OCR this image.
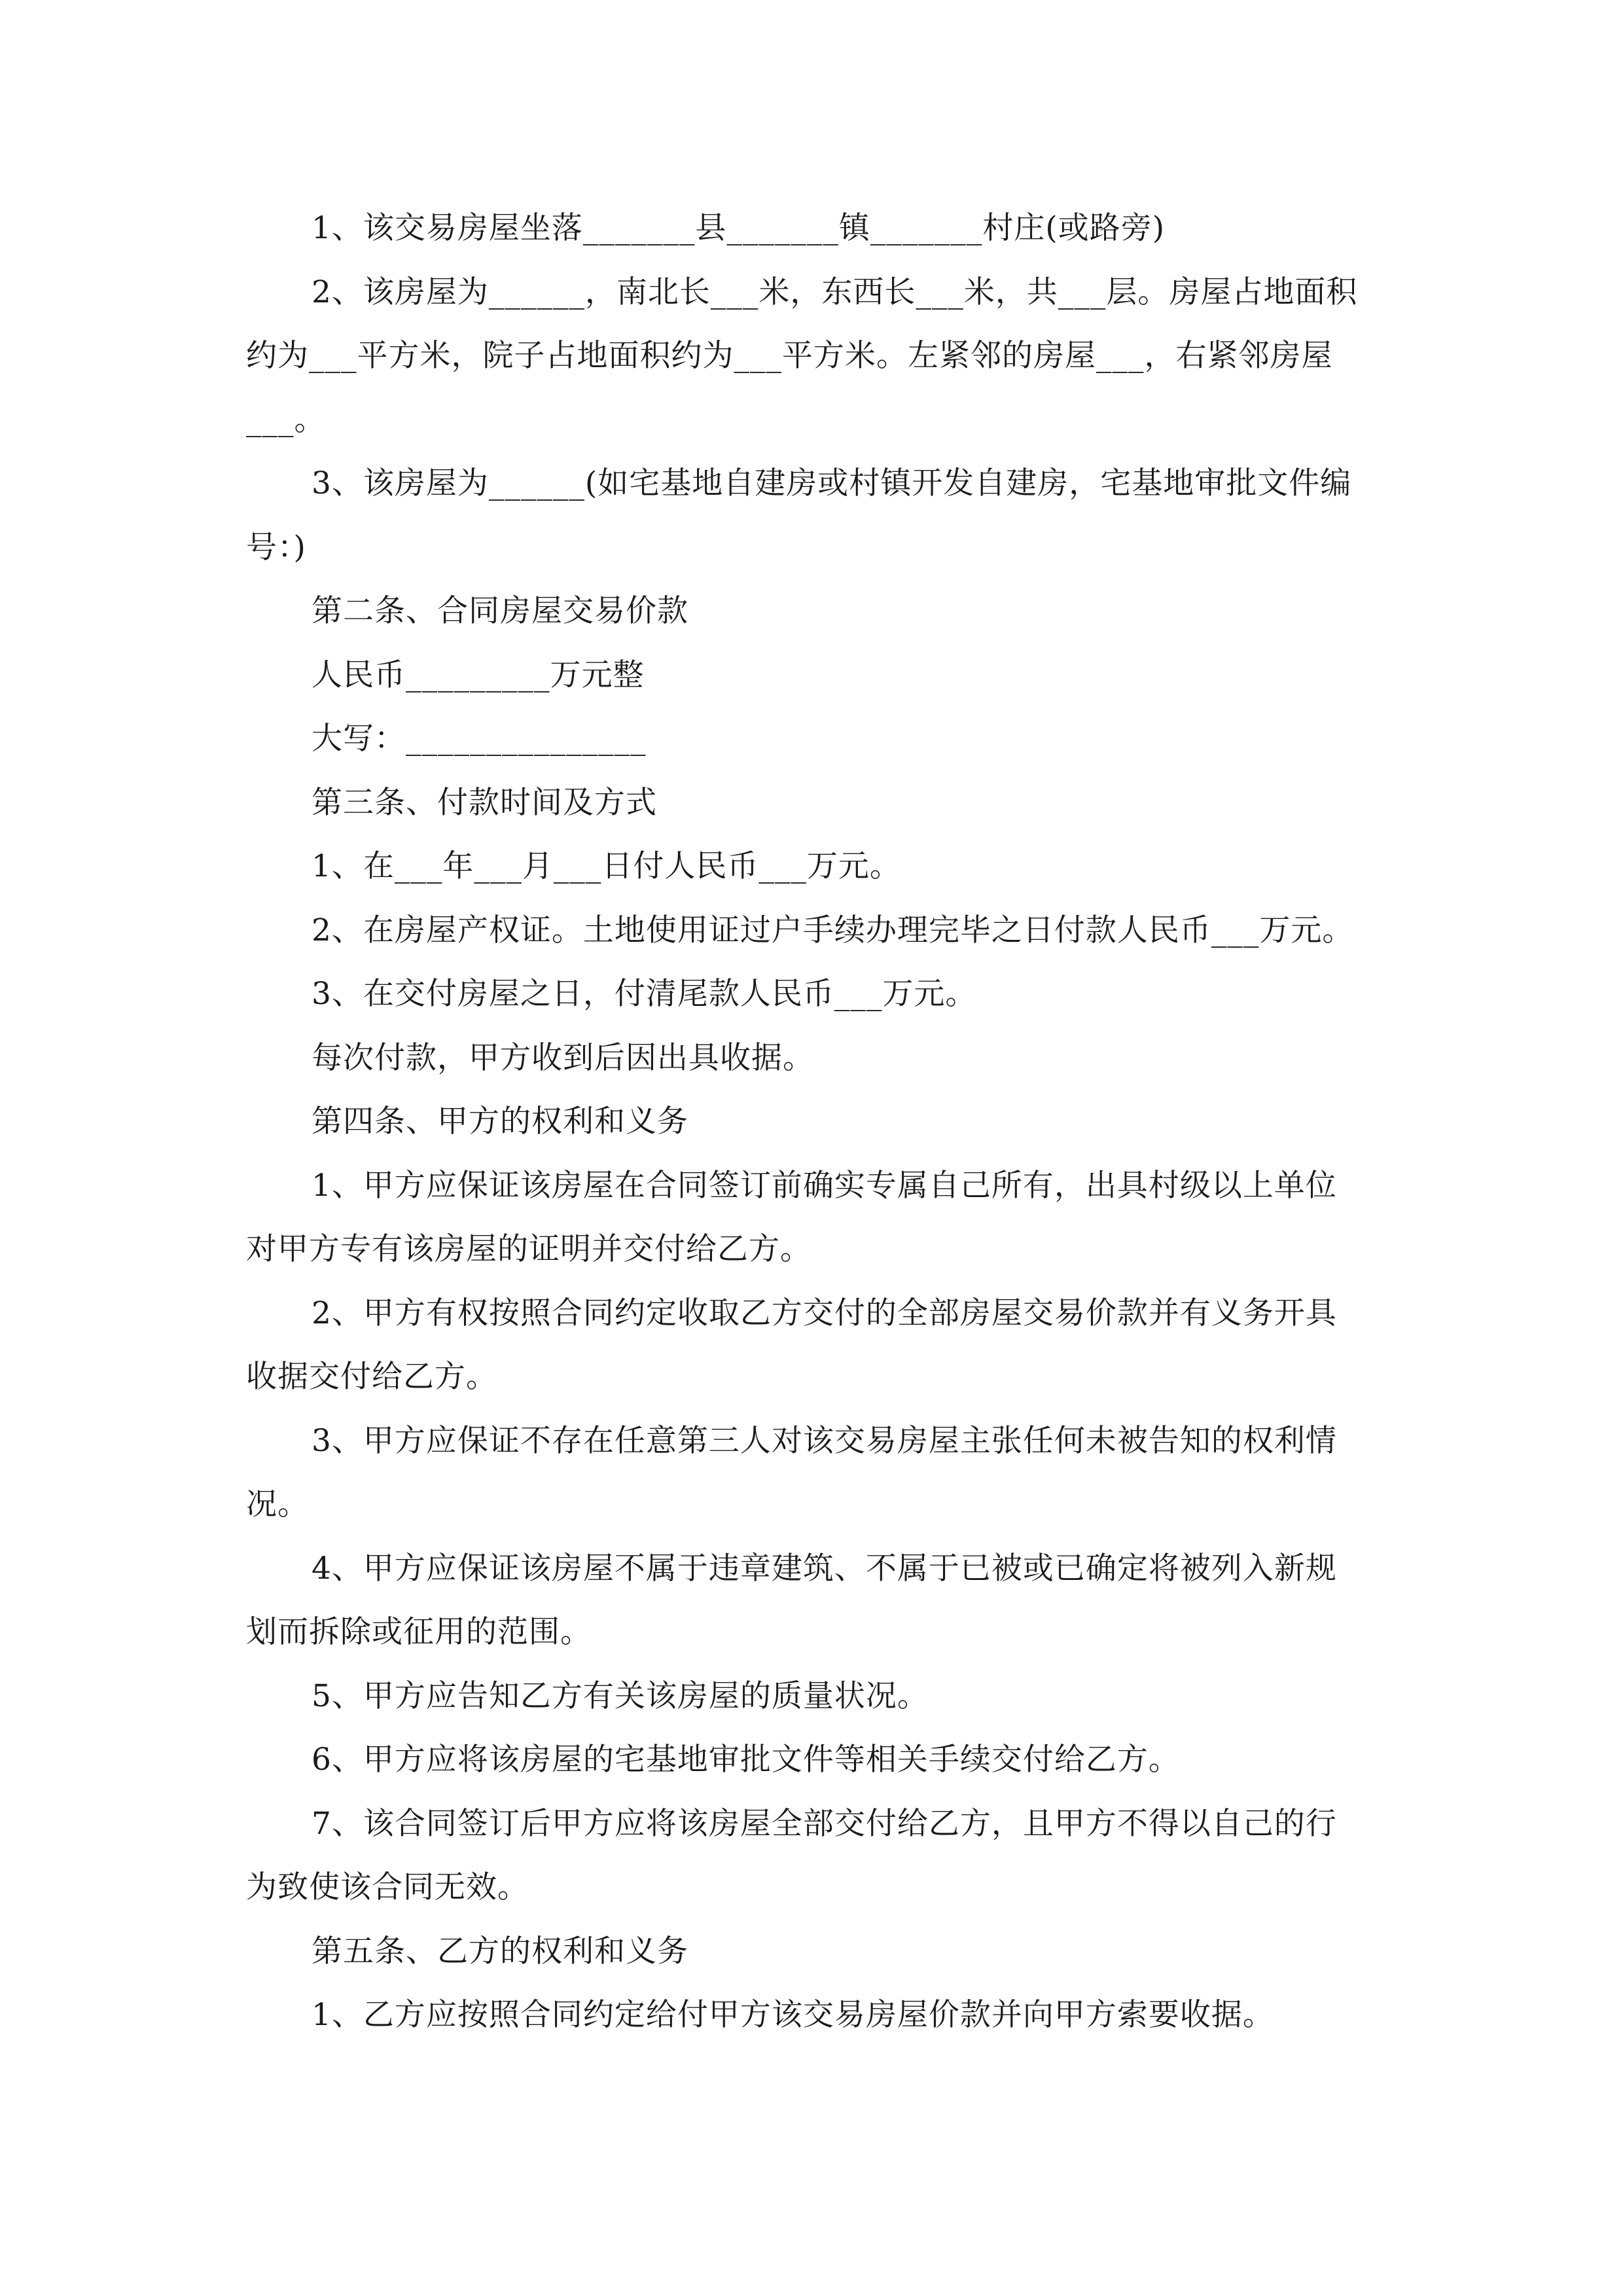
1、该交易房屋坐落_______县_______镇_______村庄(或路旁)

2、该房屋为______，南北长___米，东西长___米，共___层。房屋占地面积

约为___平方米，院子占地面积约为___平方米。左紧邻的房屋___，右紧邻房屋

___。

3、该房屋为______(如宅基地自建房或村镇开发自建房，宅基地审批文件编

号：)

第二条、合同房屋交易价款

人民币_________万元整

大写：_______________

第三条、付款时间及方式

1、在___年___月___日付人民币___万元。

2、在房屋产权证。土地使用证过户手续办理完毕之日付款人民币___万元。

3、在交付房屋之日，付清尾款人民币___万元。

每次付款，甲方收到后因出具收据。

第四条、甲方的权利和义务

1、甲方应保证该房屋在合同签订前确实专属自己所有，出具村级以上单位

对甲方专有该房屋的证明并交付给乙方。

2、甲方有权按照合同约定收取乙方交付的全部房屋交易价款并有义务开具

收据交付给乙方。

3、甲方应保证不存在任意第三人对该交易房屋主张任何未被告知的权利情

况。

4、甲方应保证该房屋不属于违章建筑、不属于已被或已确定将被列入新规

划而拆除或征用的范围。

5、甲方应告知乙方有关该房屋的质量状况。

6、甲方应将该房屋的宅基地审批文件等相关手续交付给乙方。

7、该合同签订后甲方应将该房屋全部交付给乙方，且甲方不得以自己的行

为致使该合同无效。

第五条、乙方的权利和义务

1、乙方应按照合同约定给付甲方该交易房屋价款并向甲方索要收据。
